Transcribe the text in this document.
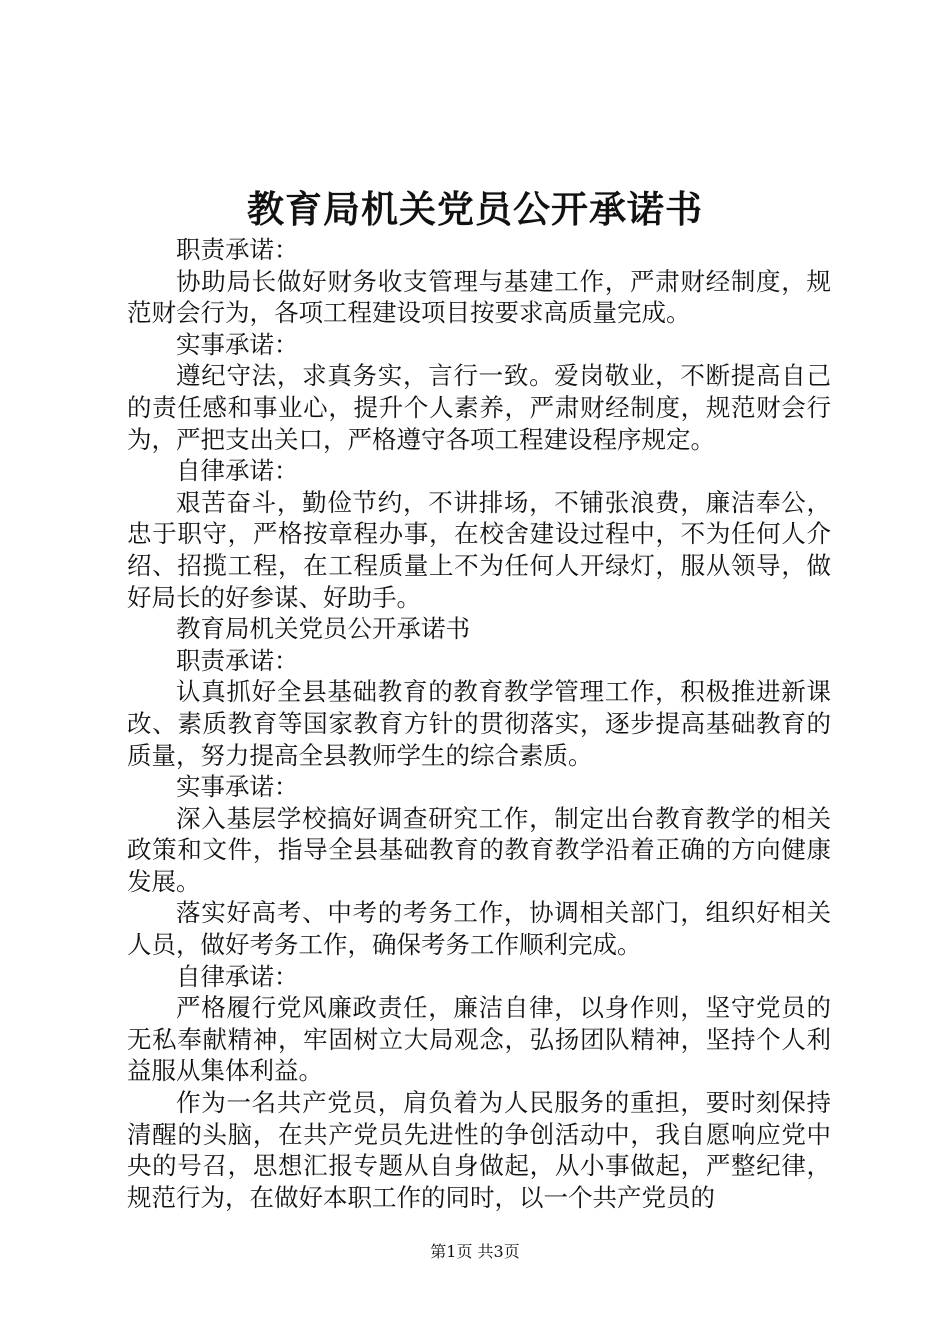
教育局机关党员公开承诺书

职责承诺：

协助局长做好财务收支管理与基建工作，严肃财经制度，规范财会行为，各项工程建设项目按要求高质量完成。

实事承诺：

遵纪守法，求真务实，言行一致。爱岗敬业，不断提高自己的责任感和事业心，提升个人素养，严肃财经制度，规范财会行为，严把支出关口，严格遵守各项工程建设程序规定。

自律承诺：

艰苦奋斗，勤俭节约，不讲排场，不铺张浪费，廉洁奉公，忠于职守，严格按章程办事，在校舍建设过程中，不为任何人介绍、招揽工程，在工程质量上不为任何人开绿灯，服从领导，做好局长的好参谋、好助手。

教育局机关党员公开承诺书

职责承诺：

认真抓好全县基础教育的教育教学管理工作，积极推进新课改、素质教育等国家教育方针的贯彻落实，逐步提高基础教育的质量，努力提高全县教师学生的综合素质。

实事承诺：

深入基层学校搞好调查研究工作，制定出台教育教学的相关政策和文件，指导全县基础教育的教育教学沿着正确的方向健康发展。

落实好高考、中考的考务工作，协调相关部门，组织好相关人员，做好考务工作，确保考务工作顺利完成。

自律承诺：

严格履行党风廉政责任，廉洁自律，以身作则，坚守党员的无私奉献精神，牢固树立大局观念，弘扬团队精神，坚持个人利益服从集体利益。

作为一名共产党员，肩负着为人民服务的重担，要时刻保持清醒的头脑，在共产党员先进性的争创活动中，我自愿响应党中央的号召，思想汇报专题从自身做起，从小事做起，严整纪律，规范行为，在做好本职工作的同时，以一个共产党员的

第1页 共3页
